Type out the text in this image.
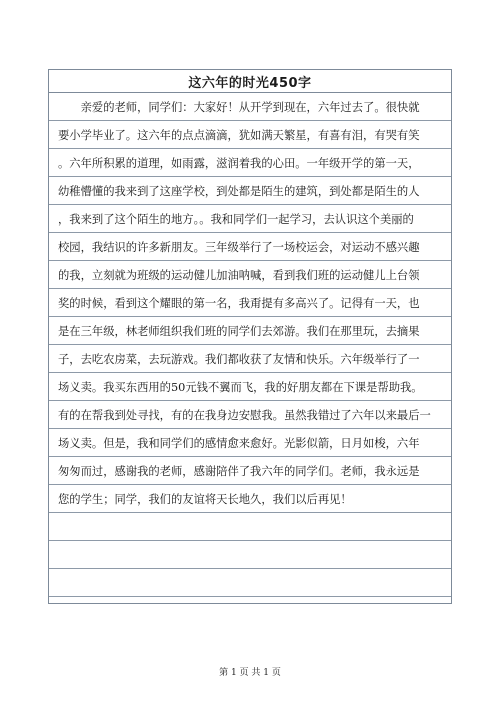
这六年的时光450字
　　亲爱的老师，同学们：大家好！从开学到现在，六年过去了。很快就
要小学毕业了。这六年的点点滴滴，犹如满天繁星，有喜有泪，有哭有笑
。六年所积累的道理，如雨露，滋润着我的心田。一年级开学的第一天，
幼稚懵懂的我来到了这座学校，到处都是陌生的建筑，到处都是陌生的人
，我来到了这个陌生的地方。。我和同学们一起学习，去认识这个美丽的
校园，我结识的许多新朋友。三年级举行了一场校运会，对运动不感兴趣
的我，立刻就为班级的运动健儿加油呐喊，看到我们班的运动健儿上台领
奖的时候，看到这个耀眼的第一名，我甭提有多高兴了。记得有一天，也
是在三年级，林老师组织我们班的同学们去郊游。我们在那里玩，去摘果
子，去吃农房菜，去玩游戏。我们都收获了友情和快乐。六年级举行了一
场义卖。我买东西用的50元钱不翼而飞，我的好朋友都在下课是帮助我。
有的在帮我到处寻找，有的在我身边安慰我。虽然我错过了六年以来最后一
场义卖。但是，我和同学们的感情愈来愈好。光影似箭，日月如梭，六年
匆匆而过，感谢我的老师，感谢陪伴了我六年的同学们。老师，我永远是
您的学生；同学，我们的友谊将天长地久，我们以后再见！
第 1 页 共 1 页
